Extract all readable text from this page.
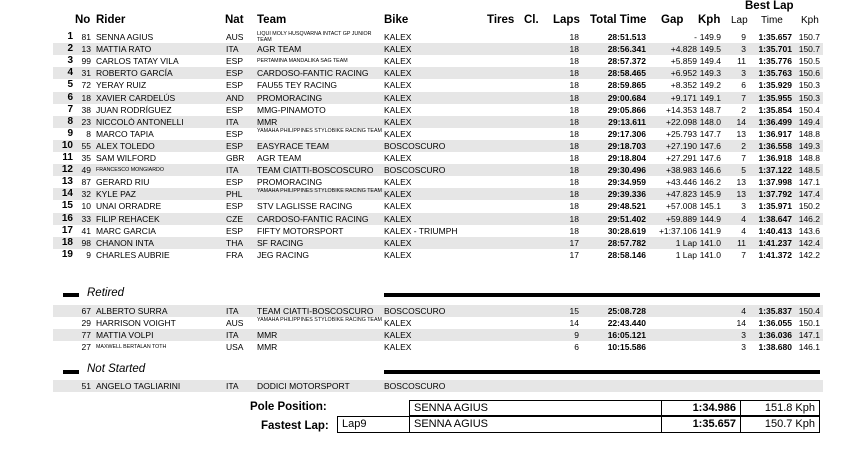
Best Lap
No Rider	Nat Team	Bike	Tires Cl. Laps Total Time Gap Kph Lap Time Kph
1	81 SENNA AGIUS	AUS	LIQUI MOLY HUSQVARNA INTACT GP JUNIOR TEAM	KALEX	18	28:51.513	- 149.9	9	1:35.657 150.7
2	13 MATTIA RATO	ITA	AGR TEAM	KALEX	18	28:56.341	+4.828 149.5	3	1:35.701 150.7
3	99 CARLOS TATAY VILA	ESP	PERTAMINA MANDALIKA SAG TEAM	KALEX	18	28:57.372	+5.859 149.4	11	1:35.776 150.5
4	31 ROBERTO GARCÍA	ESP	CARDOSO-FANTIC RACING	KALEX	18	28:58.465	+6.952 149.3	3	1:35.763 150.6
5	72 YERAY RUIZ	ESP	FAU55 TEY RACING	KALEX	18	28:59.865	+8.352 149.2	6	1:35.929 150.3
6	18 XAVIER CARDELÚS	AND	PROMORACING	KALEX	18	29:00.684	+9.171 149.1	7	1:35.955 150.3
7	38 JUAN RODRÍGUEZ	ESP	MMG-PINAMOTO	KALEX	18	29:05.866	+14.353 148.7	2	1:35.854 150.4
8	23 NICCOLÒ ANTONELLI	ITA	MMR	KALEX	18	29:13.611	+22.098 148.0	14	1:36.499 149.4
9	8 MARCO TAPIA	ESP	YAMAHA PHILIPPINES STYLOBIKE RACING TEAM KALEX	18	29:17.306	+25.793 147.7	13	1:36.917 148.8
10	55 ALEX TOLEDO	ESP	EASYRACE TEAM	BOSCOSCURO	18	29:18.703	+27.190 147.6	2	1:36.558 149.3
11	35 SAM WILFORD	GBR	AGR TEAM	KALEX	18	29:18.804	+27.291 147.6	7	1:36.918 148.8
12	49 FRANCESCO MONGIARDO	ITA	TEAM CIATTI-BOSCOSCURO	BOSCOSCURO	18	29:30.496	+38.983 146.6	5	1:37.122 148.5
13	87 GERARD RIU	ESP	PROMORACING	KALEX	18	29:34.959	+43.446 146.2	13	1:37.998 147.1
14	32 KYLE PAZ	PHL	YAMAHA PHILIPPINES STYLOBIKE RACING TEAM KALEX	18	29:39.336	+47.823 145.9	13	1:37.792 147.4
15	10 UNAI ORRADRE	ESP	STV LAGLISSE RACING	KALEX	18	29:48.521	+57.008 145.1	3	1:35.971 150.2
16	33 FILIP REHACEK	CZE	CARDOSO-FANTIC RACING	KALEX	18	29:51.402	+59.889 144.9	4	1:38.647 146.2
17	41 MARC GARCIA	ESP	FIFTY MOTORSPORT	KALEX - TRIUMPH	18	30:28.619	+1:37.106 141.9	4	1:40.413 143.6
18	98 CHANON INTA	THA	SF RACING	KALEX	17	28:57.782	1 Lap 141.0	11	1:41.237 142.4
19	9 CHARLES AUBRIE	FRA	JEG RACING	KALEX	17	28:58.146	1 Lap 141.0	7	1:41.372 142.2
Retired
67 ALBERTO SURRA	ITA	TEAM CIATTI-BOSCOSCURO	BOSCOSCURO	15	25:08.728	4	1:35.837 150.4
29 HARRISON VOIGHT	AUS	YAMAHA PHILIPPINES STYLOBIKE RACING TEAM KALEX	14	22:43.440	14	1:36.055 150.1
77 MATTIA VOLPI	ITA	MMR	KALEX	9	16:05.121	3	1:36.036 147.1
27 MAXWELL BERTALAN TOTH	USA	MMR	KALEX	6	10:15.586	3	1:38.680 146.1
Not Started
51 ANGELO TAGLIARINI	ITA	DODICI MOTORSPORT	BOSCOSCURO
Pole Position:	SENNA AGIUS	1:34.986	151.8 Kph
Fastest Lap:	Lap9	SENNA AGIUS	1:35.657	150.7 Kph
